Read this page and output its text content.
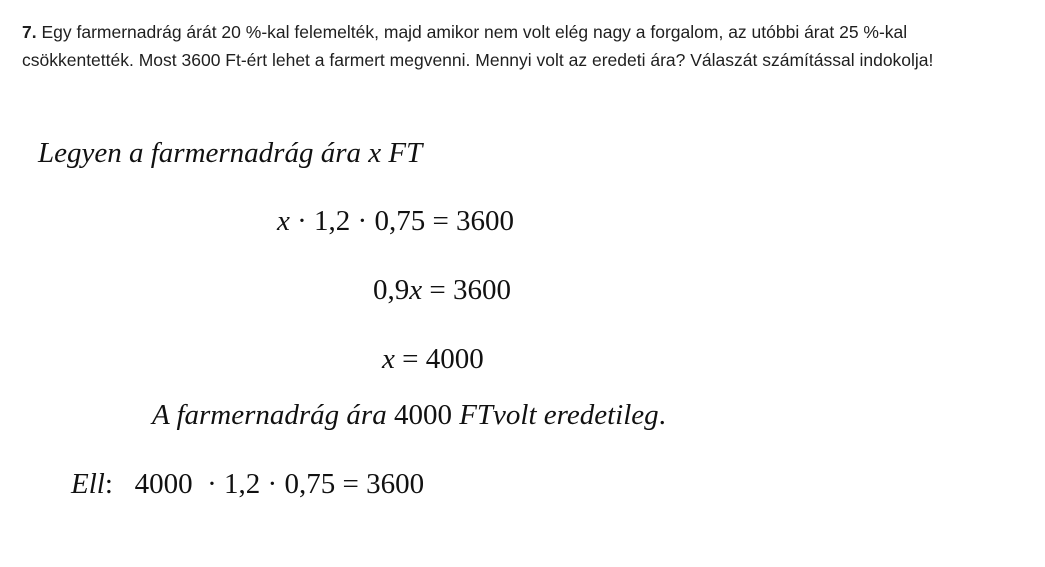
7. Egy farmernadrág árát 20 %-kal felemelték, majd amikor nem volt elég nagy a forgalom, az utóbbi árat 25 %-kal csökkentették. Most 3600 Ft-ért lehet a farmert megvenni. Mennyi volt az eredeti ára? Válaszát számítással indokolja!
Legyen a farmernadrág ára x FT
x · 1,2 · 0,75 = 3600
0,9x = 3600
x = 4000
A farmernadrág ára 4000 FTvolt eredetileg.
Ell:   4000  · 1,2 · 0,75 = 3600
